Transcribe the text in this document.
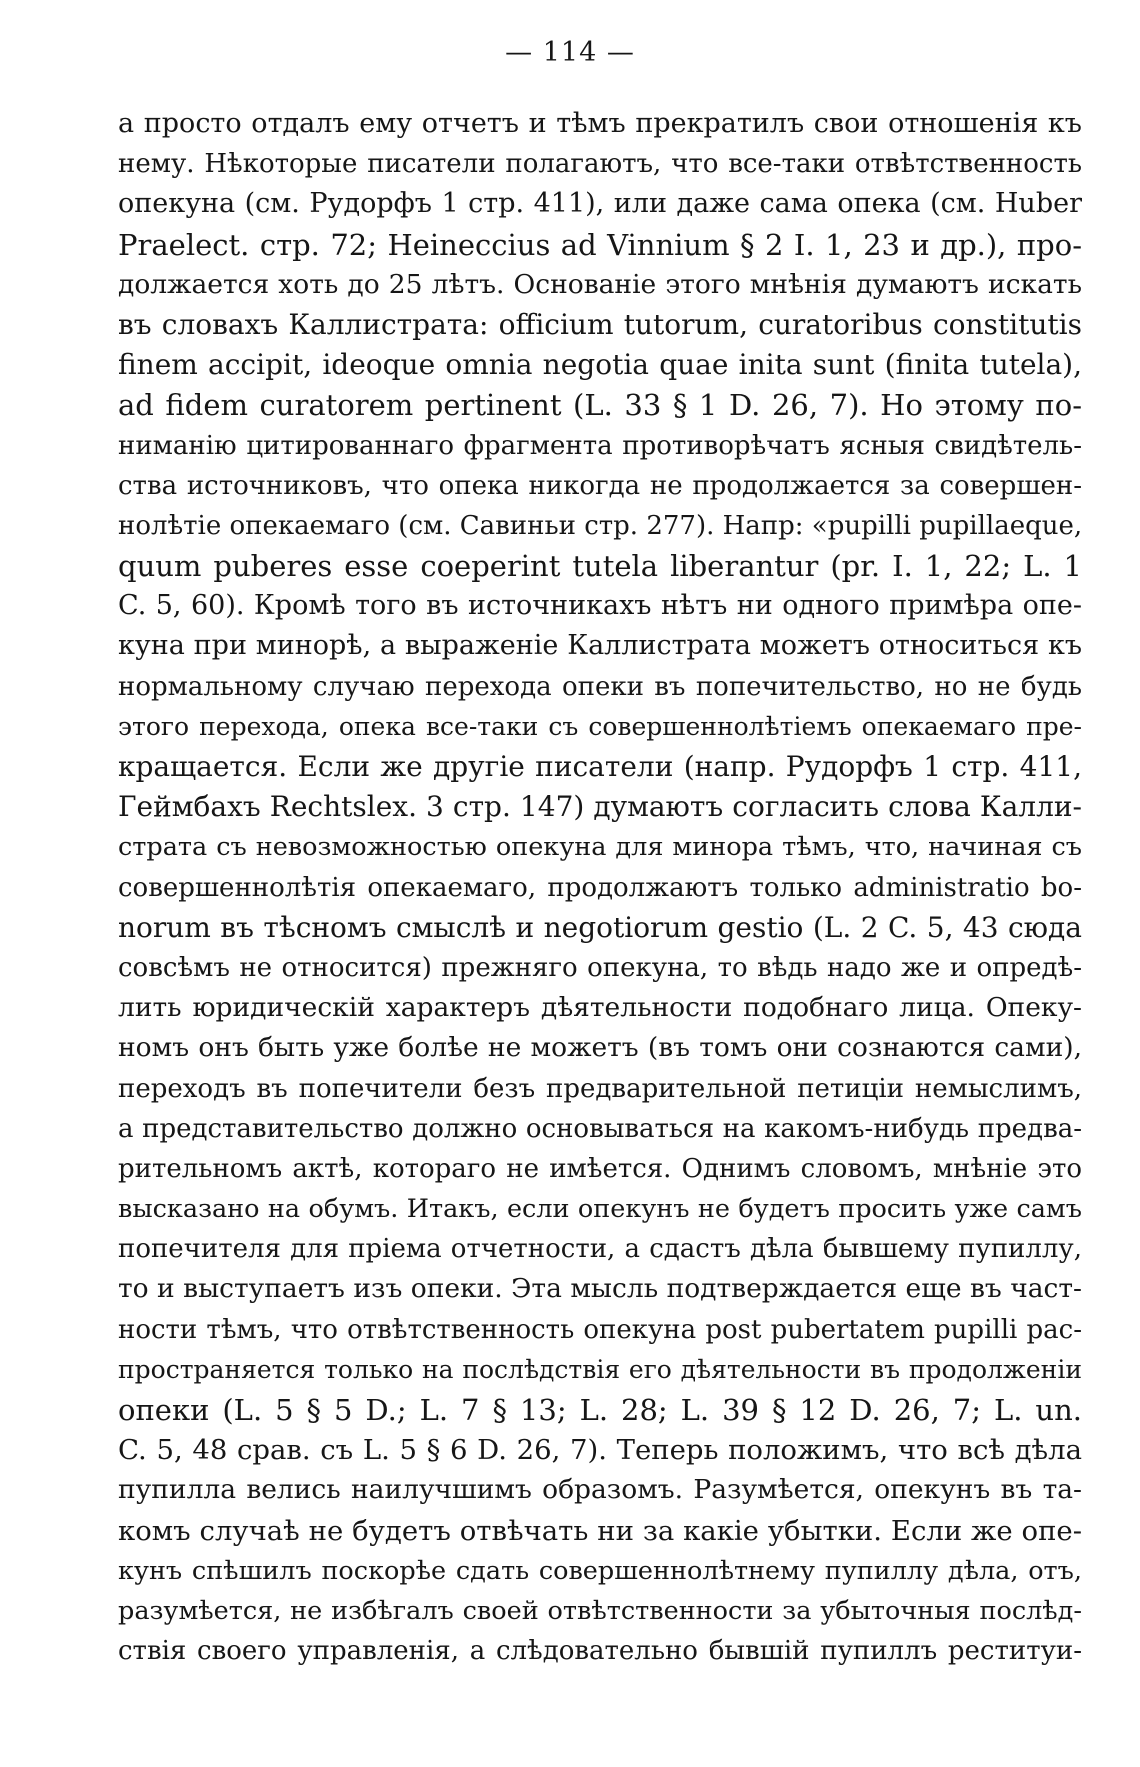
— 114 —
а просто отдалъ ему отчетъ и тѣмъ прекратилъ свои отношенія къ
нему. Нѣкоторые писатели полагаютъ, что все-таки отвѣтственность
опекуна (см. Рудорфъ 1 стр. 411), или даже сама опека (см. Huber
Praelect. стр. 72; Heineccius ad Vinnium § 2 I. 1, 23 и др.), про-
должается хоть до 25 лѣтъ. Основаніе этого мнѣнія думаютъ искать
въ словахъ Каллистрата: officium tutorum, curatoribus constitutis
finem accipit, ideoque omnia negotia quae inita sunt (finita tutela),
ad fidem curatorem pertinent (L. 33 § 1 D. 26, 7). Но этому по-
ниманію цитированнаго фрагмента противорѣчатъ ясныя свидѣтель-
ства источниковъ, что опека никогда не продолжается за совершен-
нолѣтіе опекаемаго (см. Савиньи стр. 277). Напр: «pupilli pupillaeque,
quum puberes esse coeperint tutela liberantur (pr. I. 1, 22; L. 1
C. 5, 60). Кромѣ того въ источникахъ нѣтъ ни одного примѣра опе-
куна при минорѣ, а выраженіе Каллистрата можетъ относиться къ
нормальному случаю перехода опеки въ попечительство, но не будь
этого перехода, опека все-таки съ совершеннолѣтіемъ опекаемаго пре-
кращается. Если же другіе писатели (напр. Рудорфъ 1 стр. 411,
Геймбахъ Rechtslex. 3 стр. 147) думаютъ согласить слова Калли-
страта съ невозможностью опекуна для минора тѣмъ, что, начиная съ
совершеннолѣтія опекаемаго, продолжаютъ только administratio bo-
norum въ тѣсномъ смыслѣ и negotiorum gestio (L. 2 C. 5, 43 сюда
совсѣмъ не относится) прежняго опекуна, то вѣдь надо же и опредѣ-
лить юридическій характеръ дѣятельности подобнаго лица. Опеку-
номъ онъ быть уже болѣе не можетъ (въ томъ они сознаются сами),
переходъ въ попечители безъ предварительной петиціи немыслимъ,
а представительство должно основываться на какомъ-нибудь предва-
рительномъ актѣ, котораго не имѣется. Однимъ словомъ, мнѣніе это
высказано на обумъ. Итакъ, если опекунъ не будетъ просить уже самъ
попечителя для пріема отчетности, а сдастъ дѣла бывшему пупиллу,
то и выступаетъ изъ опеки. Эта мысль подтверждается еще въ част-
ности тѣмъ, что отвѣтственность опекуна post pubertatem pupilli рас-
пространяется только на послѣдствія его дѣятельности въ продолженіи
опеки (L. 5 § 5 D.; L. 7 § 13; L. 28; L. 39 § 12 D. 26, 7; L. un.
C. 5, 48 срав. съ L. 5 § 6 D. 26, 7). Теперь положимъ, что всѣ дѣла
пупилла велись наилучшимъ образомъ. Разумѣется, опекунъ въ та-
комъ случаѣ не будетъ отвѣчать ни за какіе убытки. Если же опе-
кунъ спѣшилъ поскорѣе сдать совершеннолѣтнему пупиллу дѣла, отъ,
разумѣется, не избѣгалъ своей отвѣтственности за убыточныя послѣд-
ствія своего управленія, а слѣдовательно бывшій пупиллъ реституи-
